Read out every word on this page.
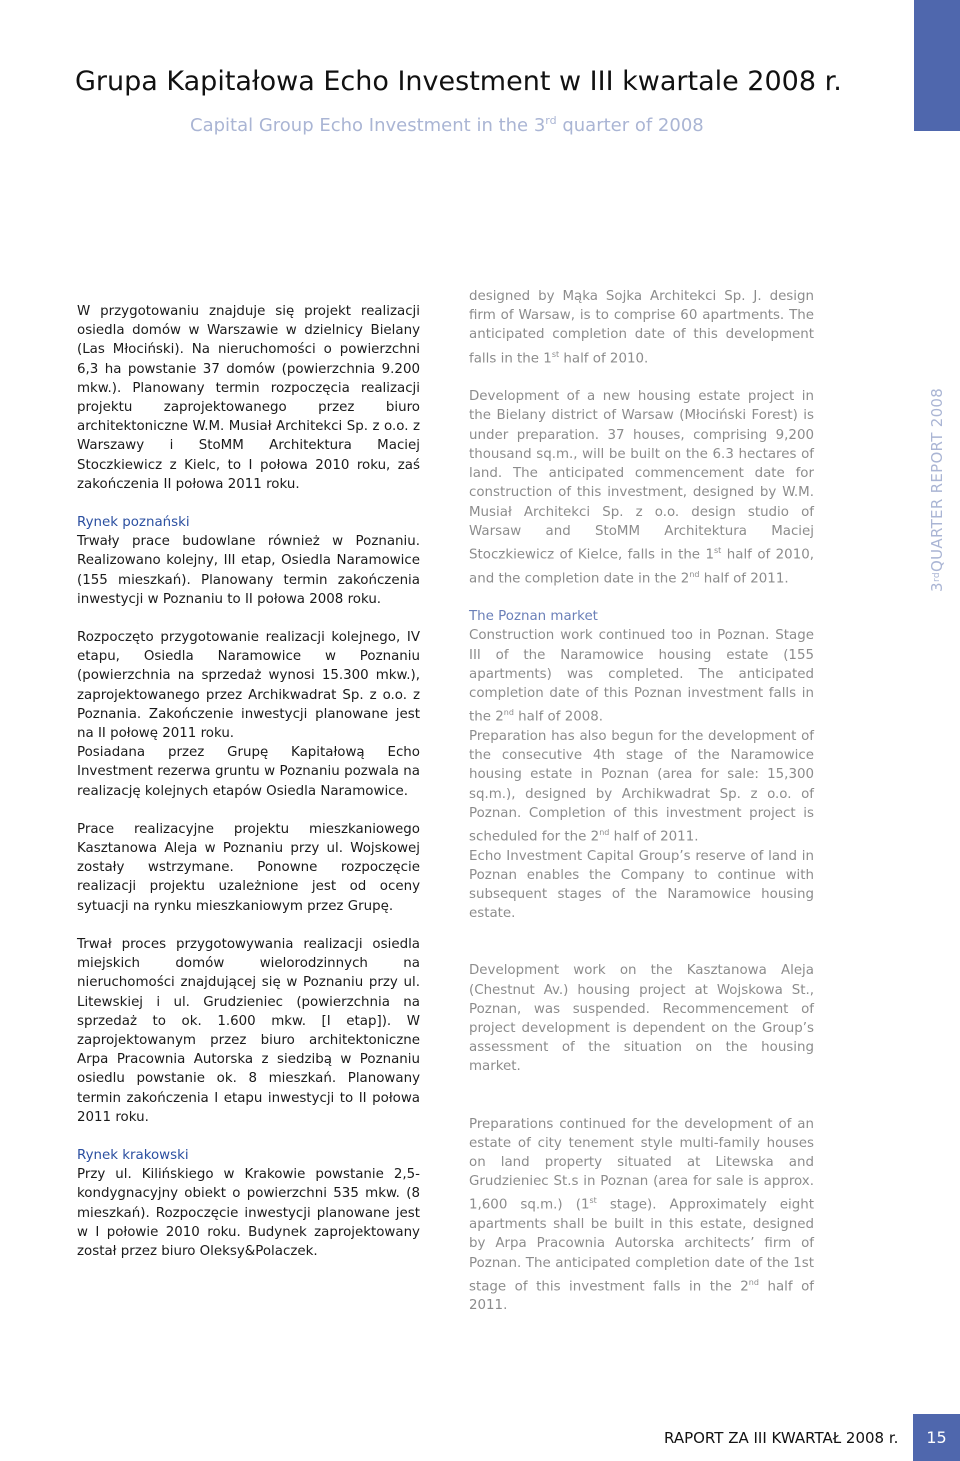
Grupa Kapitałowa Echo Investment w III kwartale 2008 r.
Capital Group Echo Investment in the 3rd quarter of 2008
3
rd
QUARTER REPORT 2008

W przygotowaniu znajduje się projekt realizacji osiedla domów w Warszawie w dzielnicy Bielany (Las Młociński). Na nieruchomości o powierzchni 6,3 ha powstanie 37 domów (powierzchnia 9.200 mkw.). Planowany termin rozpoczęcia realizacji projektu zaprojektowanego przez biuro architektoniczne W.M. Musiał Architekci Sp. z o.o. z Warszawy i StoMM Architektura Maciej Stoczkiewicz z Kielc, to I połowa 2010 roku, zaś zakończenia II połowa 2011 roku.

Rynek poznański

Trwały prace budowlane również w Poznaniu. Realizowano kolejny, III etap, Osiedla Naramowice (155 mieszkań). Planowany termin zakończenia inwestycji w Poznaniu to II połowa 2008 roku.

Rozpoczęto przygotowanie realizacji kolejnego, IV etapu, Osiedla Naramowice w Poznaniu (powierzchnia na sprzedaż wynosi 15.300 mkw.), zaprojektowanego przez Archikwadrat Sp. z o.o. z Poznania. Zakończenie inwestycji planowane jest na II połowę 2011 roku.

Posiadana przez Grupę Kapitałową Echo Investment rezerwa gruntu w Poznaniu pozwala na realizację kolejnych etapów Osiedla Naramowice.

Prace realizacyjne projektu mieszkaniowego Kasztanowa Aleja w Poznaniu przy ul. Wojskowej zostały wstrzymane. Ponowne rozpoczęcie realizacji projektu uzależnione jest od oceny sytuacji na rynku mieszkaniowym przez Grupę.

Trwał proces przygotowywania realizacji osiedla miejskich domów wielorodzinnych na nieruchomości znajdującej się w Poznaniu przy ul. Litewskiej i ul. Grudzieniec (powierzchnia na sprzedaż to ok. 1.600 mkw. [I etap]). W zaprojektowanym przez biuro architektoniczne Arpa Pracownia Autorska z siedzibą w Poznaniu osiedlu powstanie ok. 8 mieszkań. Planowany termin zakończenia I etapu inwestycji to II połowa 2011 roku.

Rynek krakowski

Przy ul. Kilińskiego w Krakowie powstanie 2,5-kondygnacyjny obiekt o powierzchni 535 mkw. (8 mieszkań). Rozpoczęcie inwestycji planowane jest w I połowie 2010 roku. Budynek zaprojektowany został przez biuro Oleksy&Polaczek.

designed by Mąka Sojka Architekci Sp. J. design firm of Warsaw, is to comprise 60 apartments. The anticipated completion date of this development falls in the 1st half of 2010.

Development of a new housing estate project in the Bielany district of Warsaw (Młociński Forest) is under preparation. 37 houses, comprising 9,200 thousand sq.m., will be built on the 6.3 hectares of land. The anticipated commencement date for construction of this investment, designed by W.M. Musiał Architekci Sp. z o.o. design studio of Warsaw and StoMM Architektura Maciej Stoczkiewicz of Kielce, falls in the 1st half of 2010, and the completion date in the 2nd half of 2011.

The Poznan market

Construction work continued too in Poznan. Stage III of the Naramowice housing estate (155 apartments) was completed. The anticipated completion date of this Poznan investment falls in the 2nd half of 2008.

Preparation has also begun for the development of the consecutive 4th stage of the Naramowice housing estate in Poznan (area for sale: 15,300 sq.m.), designed by Archikwadrat Sp. z o.o. of Poznan. Completion of this investment project is scheduled for the 2nd half of 2011.

Echo Investment Capital Group’s reserve of land in Poznan enables the Company to continue with subsequent stages of the Naramowice housing estate.

Development work on the Kasztanowa Aleja (Chestnut Av.) housing project at Wojskowa St., Poznan, was suspended. Recommencement of project development is dependent on the Group’s assessment of the situation on the housing market.

Preparations continued for the development of an estate of city tenement style multi-family houses on land property situated at Litewska and Grudzieniec St.s in Poznan (area for sale is approx. 1,600 sq.m.) (1st stage). Approximately eight apartments shall be built in this estate, designed by Arpa Pracownia Autorska architects’ firm of Poznan. The anticipated completion date of the 1st stage of this investment falls in the 2nd half of 2011.

RAPORT ZA III KWARTAŁ 2008 r.	15
